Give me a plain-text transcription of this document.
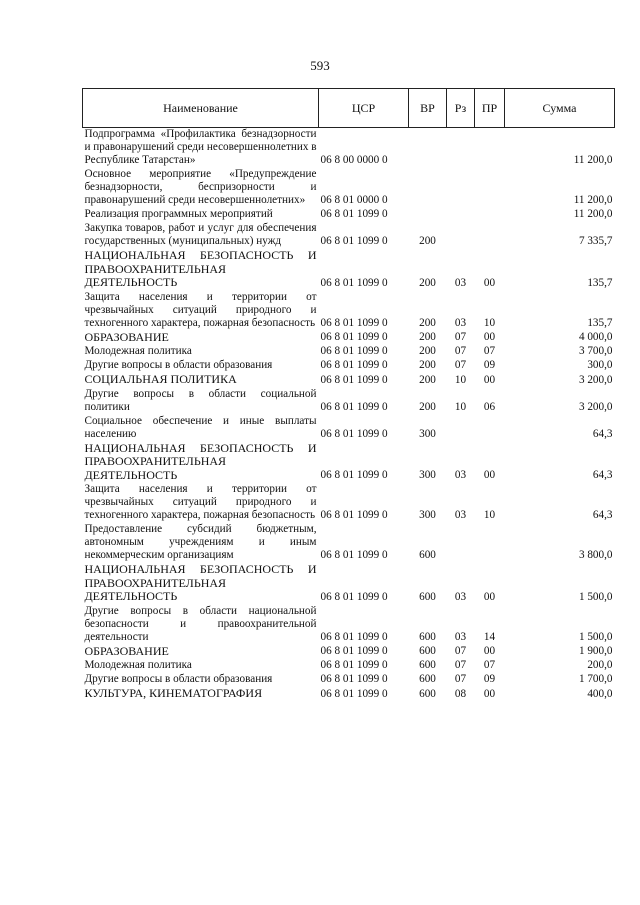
593
Наименование	ЦСР	ВР	Рз	ПР	Сумма
Подпрограмма «Профилактика безнадзорности и правонарушений среди несовершеннолетних в Республике Татарстан»	06 8 00 0000 0				11 200,0
Основное мероприятие «Предупреждение безнадзорности, беспризорности и правонарушений среди несовершеннолетних»	06 8 01 0000 0				11 200,0
Реализация программных мероприятий	06 8 01 1099 0				11 200,0
Закупка товаров, работ и услуг для обеспечения государственных (муниципальных) нужд	06 8 01 1099 0	200			7 335,7
НАЦИОНАЛЬНАЯ БЕЗОПАСНОСТЬ И ПРАВООХРАНИТЕЛЬНАЯ ДЕЯТЕЛЬНОСТЬ	06 8 01 1099 0	200	03	00	135,7
Защита населения и территории от чрезвычайных ситуаций природного и техногенного характера, пожарная безопасность	06 8 01 1099 0	200	03	10	135,7
ОБРАЗОВАНИЕ	06 8 01 1099 0	200	07	00	4 000,0
Молодежная политика	06 8 01 1099 0	200	07	07	3 700,0
Другие вопросы в области образования	06 8 01 1099 0	200	07	09	300,0
СОЦИАЛЬНАЯ ПОЛИТИКА	06 8 01 1099 0	200	10	00	3 200,0
Другие вопросы в области социальной политики	06 8 01 1099 0	200	10	06	3 200,0
Социальное обеспечение и иные выплаты населению	06 8 01 1099 0	300			64,3
НАЦИОНАЛЬНАЯ БЕЗОПАСНОСТЬ И ПРАВООХРАНИТЕЛЬНАЯ ДЕЯТЕЛЬНОСТЬ	06 8 01 1099 0	300	03	00	64,3
Защита населения и территории от чрезвычайных ситуаций природного и техногенного характера, пожарная безопасность	06 8 01 1099 0	300	03	10	64,3
Предоставление субсидий бюджетным, автономным учреждениям и иным некоммерческим организациям	06 8 01 1099 0	600			3 800,0
НАЦИОНАЛЬНАЯ БЕЗОПАСНОСТЬ И ПРАВООХРАНИТЕЛЬНАЯ ДЕЯТЕЛЬНОСТЬ	06 8 01 1099 0	600	03	00	1 500,0
Другие вопросы в области национальной безопасности и правоохранительной деятельности	06 8 01 1099 0	600	03	14	1 500,0
ОБРАЗОВАНИЕ	06 8 01 1099 0	600	07	00	1 900,0
Молодежная политика	06 8 01 1099 0	600	07	07	200,0
Другие вопросы в области образования	06 8 01 1099 0	600	07	09	1 700,0
КУЛЬТУРА, КИНЕМАТОГРАФИЯ	06 8 01 1099 0	600	08	00	400,0
